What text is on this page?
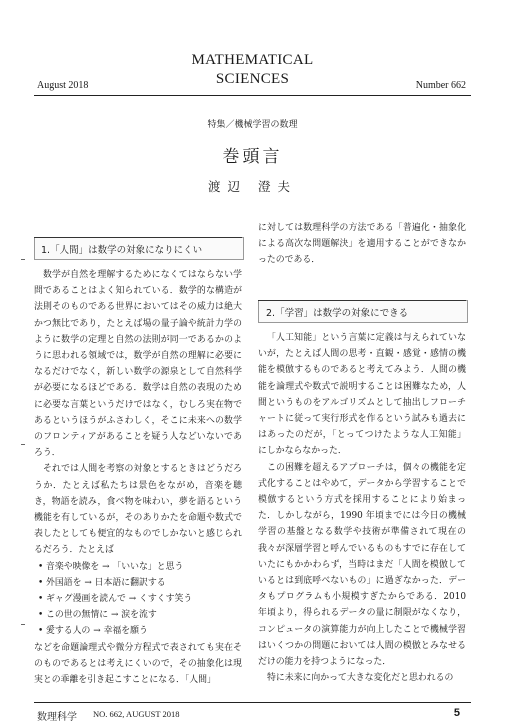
MATHEMATICAL
SCIENCES
August 2018	Number 662
特集／機械学習の数理
巻頭言
渡辺 澄夫
1.「人間」は数学の対象になりにくい

数学が自然を理解するためになくてはならない学問であることはよく知られている．数学的な構造が法則そのものである世界においてはその威力は絶大かつ無比であり，たとえば場の量子論や統計力学のように数学の定理と自然の法則が同一であるかのように思われる領域では，数学が自然の理解に必要になるだけでなく，新しい数学の源泉として自然科学が必要になるほどである．数学は自然の表現のために必要な言葉というだけではなく，むしろ実在物であるというほうがふさわしく，そこに未来への数学のフロンティアがあることを疑う人などいないであろう．

それでは人間を考察の対象とするときはどうだろうか．たとえば私たちは景色をながめ，音楽を聴き，物語を読み，食べ物を味わい，夢を語るという機能を有しているが，そのありかたを命題や数式で表したとしても便宜的なものでしかないと感じられるだろう．たとえば

• 音楽や映像を → 「いいな」と思う
• 外国語を → 日本語に翻訳する
• ギャグ漫画を読んで → くすくす笑う
• この世の無情に → 涙を流す
• 愛する人の → 幸福を願う

などを命題論理式や微分方程式で表されても実在そのものであるとは考えにくいので，その抽象化は現実との乖離を引き起こすことになる．「人間」

に対しては数理科学の方法である「普遍化・抽象化による高次な問題解決」を適用することができなかったのである．

2.「学習」は数学の対象にできる

「人工知能」という言葉に定義は与えられていないが，たとえば人間の思考・直観・感覚・感情の機能を模倣するものであると考えてみよう．人間の機能を論理式や数式で説明することは困難なため，人間というものをアルゴリズムとして抽出しフローチャートに従って実行形式を作るという試みも過去にはあったのだが，「とってつけたような人工知能」にしかならなかった．

この困難を超えるアプローチは，個々の機能を定式化することはやめて，データから学習することで模倣するという方式を採用することにより始まった．しかしながら，1990 年頃までには今日の機械学習の基盤となる数学や技術が準備されて現在の我々が深層学習と呼んでいるものもすでに存在していたにもかかわらず，当時はまだ「人間を模倣しているとは到底呼べないもの」に過ぎなかった．データもプログラムも小規模すぎたからである．2010 年頃より，得られるデータの量に制限がなくなり，コンピュータの演算能力が向上したことで機械学習はいくつかの問題においては人間の模倣とみなせるだけの能力を持つようになった．

特に未来に向かって大きな変化だと思われるの

数理科学 NO. 662, AUGUST 2018	5
